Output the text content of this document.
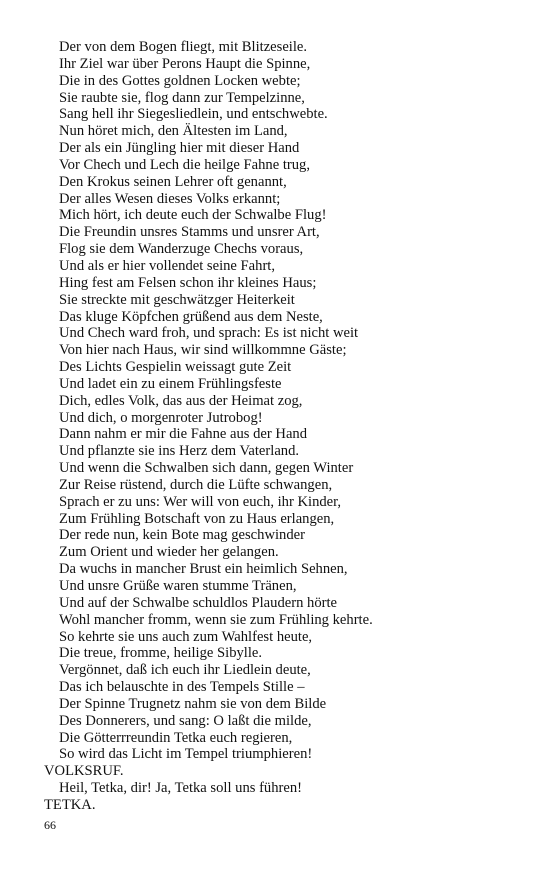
Der von dem Bogen fliegt, mit Blitzeseile.
Ihr Ziel war über Perons Haupt die Spinne,
Die in des Gottes goldnen Locken webte;
Sie raubte sie, flog dann zur Tempelzinne,
Sang hell ihr Siegesliedlein, und entschwebte.
Nun höret mich, den Ältesten im Land,
Der als ein Jüngling hier mit dieser Hand
Vor Chech und Lech die heilge Fahne trug,
Den Krokus seinen Lehrer oft genannt,
Der alles Wesen dieses Volks erkannt;
Mich hört, ich deute euch der Schwalbe Flug!
Die Freundin unsres Stamms und unsrer Art,
Flog sie dem Wanderzuge Chechs voraus,
Und als er hier vollendet seine Fahrt,
Hing fest am Felsen schon ihr kleines Haus;
Sie streckte mit geschwätzger Heiterkeit
Das kluge Köpfchen grüßend aus dem Neste,
Und Chech ward froh, und sprach: Es ist nicht weit
Von hier nach Haus, wir sind willkommne Gäste;
Des Lichts Gespielin weissagt gute Zeit
Und ladet ein zu einem Frühlingsfeste
Dich, edles Volk, das aus der Heimat zog,
Und dich, o morgenroter Jutrobog!
Dann nahm er mir die Fahne aus der Hand
Und pflanzte sie ins Herz dem Vaterland.
Und wenn die Schwalben sich dann, gegen Winter
Zur Reise rüstend, durch die Lüfte schwangen,
Sprach er zu uns: Wer will von euch, ihr Kinder,
Zum Frühling Botschaft von zu Haus erlangen,
Der rede nun, kein Bote mag geschwinder
Zum Orient und wieder her gelangen.
Da wuchs in mancher Brust ein heimlich Sehnen,
Und unsre Grüße waren stumme Tränen,
Und auf der Schwalbe schuldlos Plaudern hörte
Wohl mancher fromm, wenn sie zum Frühling kehrte.
So kehrte sie uns auch zum Wahlfest heute,
Die treue, fromme, heilige Sibylle.
Vergönnet, daß ich euch ihr Liedlein deute,
Das ich belauschte in des Tempels Stille –
Der Spinne Trugnetz nahm sie von dem Bilde
Des Donnerers, und sang: O laßt die milde,
Die Götterrreundin Tetka euch regieren,
So wird das Licht im Tempel triumphieren!
VOLKSRUF.
Heil, Tetka, dir! Ja, Tetka soll uns führen!
TETKA.
66
